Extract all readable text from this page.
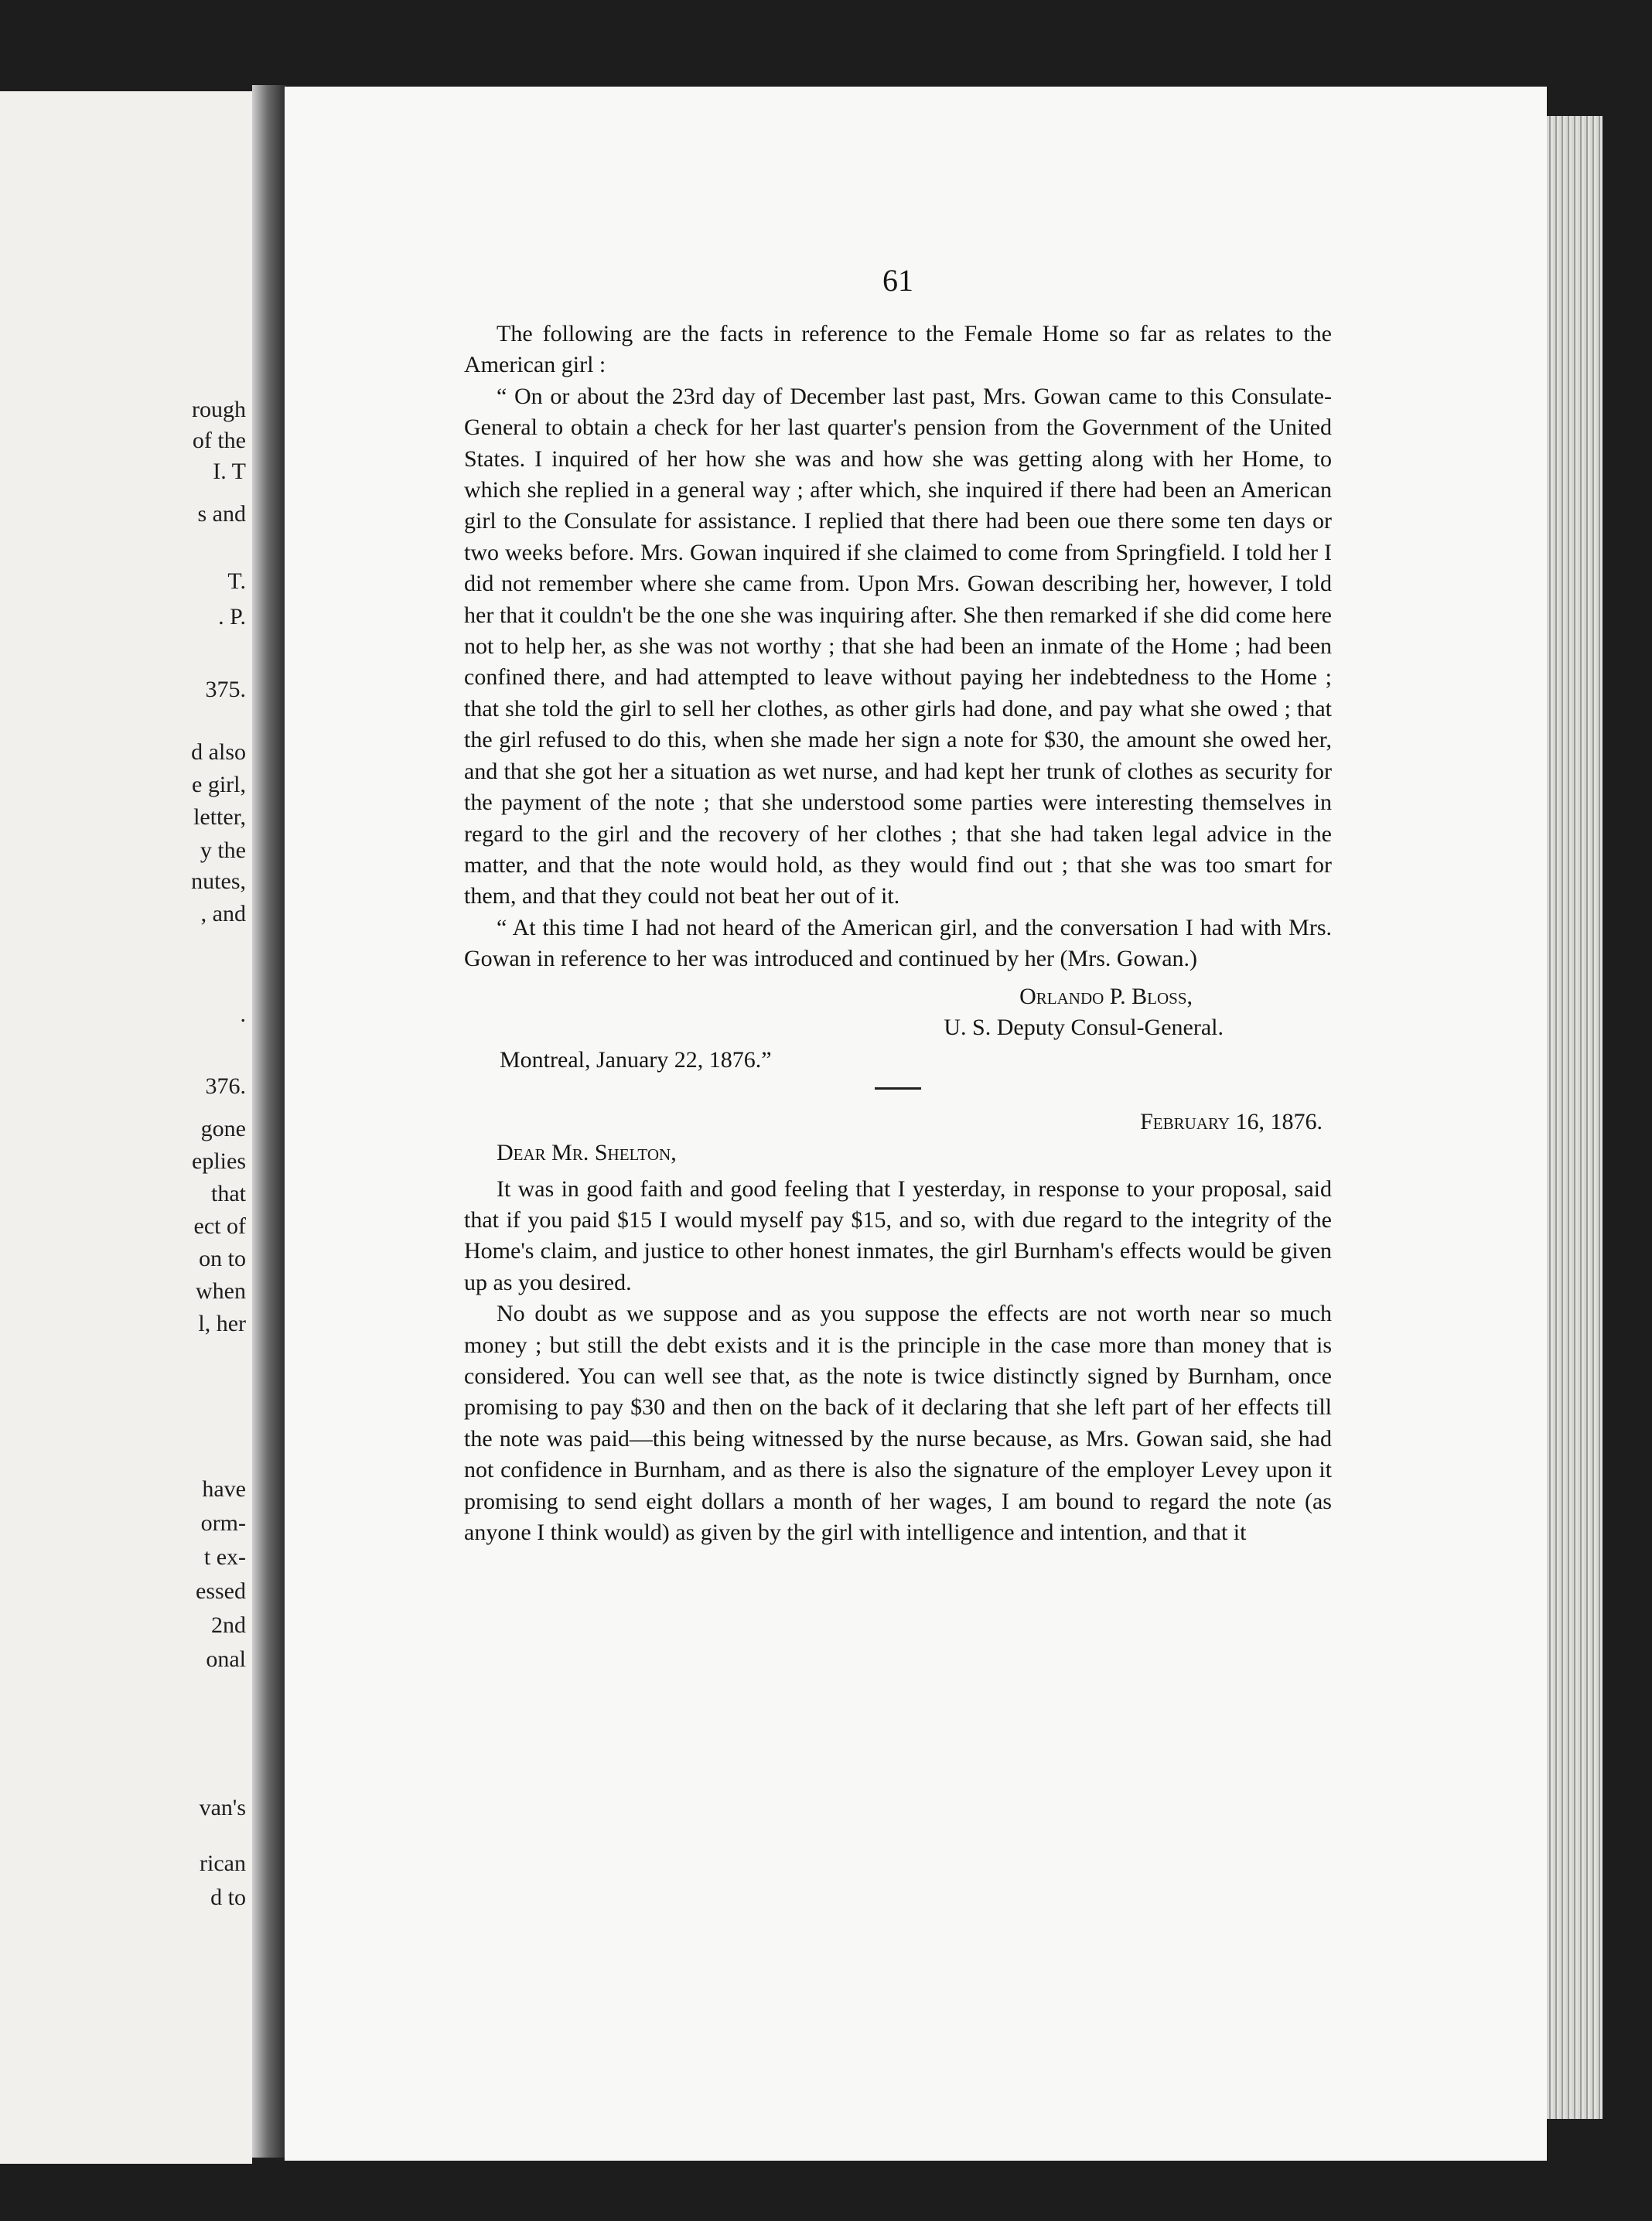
rough
of the
I. T
s and
T.
. P.
375.
d also
e girl,
letter,
y the
nutes,
, and
.
376.
gone
eplies
that
ect of
on to
when
l, her
have
orm-
t ex-
essed
2nd
onal
van's
rican
d to
61

The following are the facts in reference to the Female Home so far as relates to the American girl :

“ On or about the 23rd day of December last past, Mrs. Gowan came to this Consulate-General to obtain a check for her last quarter's pension from the Government of the United States. I inquired of her how she was and how she was getting along with her Home, to which she replied in a general way ; after which, she inquired if there had been an American girl to the Consulate for assistance. I replied that there had been oue there some ten days or two weeks before. Mrs. Gowan inquired if she claimed to come from Springfield. I told her I did not remember where she came from. Upon Mrs. Gowan describing her, however, I told her that it couldn't be the one she was inquiring after. She then remarked if she did come here not to help her, as she was not worthy ; that she had been an inmate of the Home ; had been confined there, and had attempted to leave without paying her indebtedness to the Home ; that she told the girl to sell her clothes, as other girls had done, and pay what she owed ; that the girl refused to do this, when she made her sign a note for $30, the amount she owed her, and that she got her a situation as wet nurse, and had kept her trunk of clothes as security for the payment of the note ; that she understood some parties were interesting themselves in regard to the girl and the recovery of her clothes ; that she had taken legal advice in the matter, and that the note would hold, as they would find out ; that she was too smart for them, and that they could not beat her out of it.

“ At this time I had not heard of the American girl, and the conversation I had with Mrs. Gowan in reference to her was introduced and continued by her (Mrs. Gowan.)

Orlando P. Bloss,
U. S. Deputy Consul-General.
Montreal, January 22, 1876.”
February 16, 1876.
Dear Mr. Shelton,

It was in good faith and good feeling that I yesterday, in response to your proposal, said that if you paid $15 I would myself pay $15, and so, with due regard to the integrity of the Home's claim, and justice to other honest inmates, the girl Burnham's effects would be given up as you desired.

No doubt as we suppose and as you suppose the effects are not worth near so much money ; but still the debt exists and it is the principle in the case more than money that is considered. You can well see that, as the note is twice distinctly signed by Burnham, once promising to pay $30 and then on the back of it declaring that she left part of her effects till the note was paid—this being witnessed by the nurse because, as Mrs. Gowan said, she had not confidence in Burnham, and as there is also the signature of the employer Levey upon it promising to send eight dollars a month of her wages, I am bound to regard the note (as anyone I think would) as given by the girl with intelligence and intention, and that it
